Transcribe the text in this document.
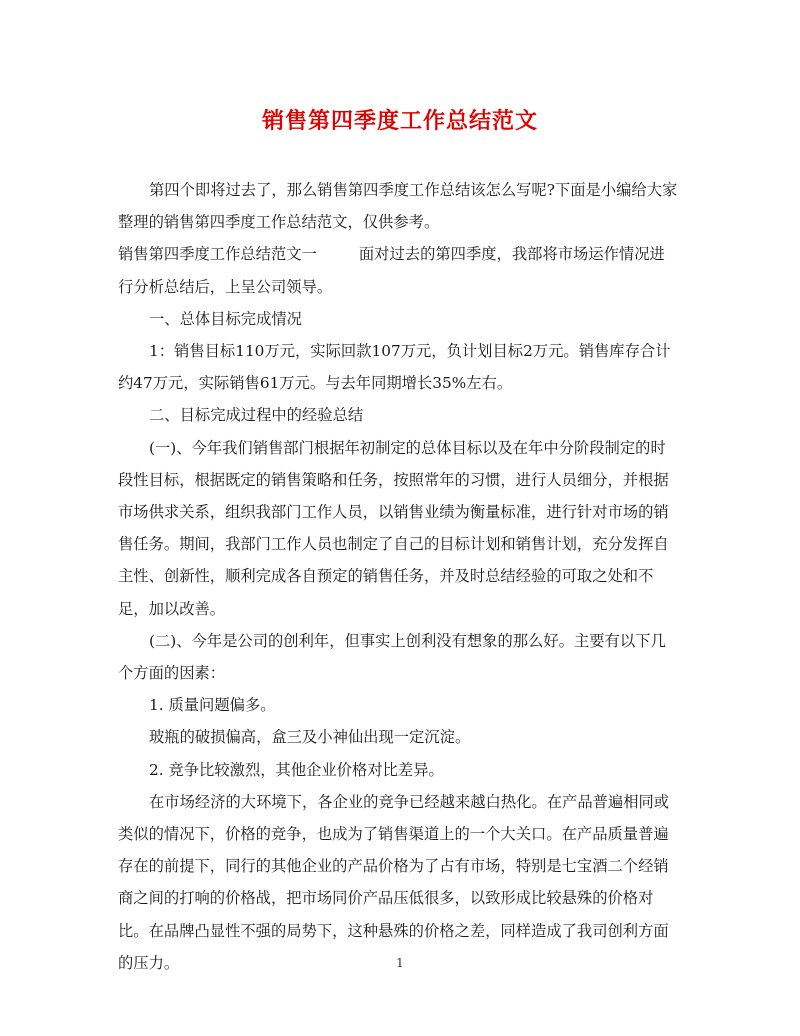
销售第四季度工作总结范文

第四个即将过去了，那么销售第四季度工作总结该怎么写呢?下面是小编给大家整理的销售第四季度工作总结范文，仅供参考。

销售第四季度工作总结范文一	面对过去的第四季度，我部将市场运作情况进行分析总结后，上呈公司领导。

一、总体目标完成情况

1：销售目标110万元，实际回款107万元，负计划目标2万元。销售库存合计约47万元，实际销售61万元。与去年同期增长35%左右。

二、目标完成过程中的经验总结

(一)、今年我们销售部门根据年初制定的总体目标以及在年中分阶段制定的时段性目标，根据既定的销售策略和任务，按照常年的习惯，进行人员细分，并根据市场供求关系，组织我部门工作人员，以销售业绩为衡量标准，进行针对市场的销售任务。期间，我部门工作人员也制定了自己的目标计划和销售计划，充分发挥自主性、创新性，顺利完成各自预定的销售任务，并及时总结经验的可取之处和不足，加以改善。

(二)、今年是公司的创利年，但事实上创利没有想象的那么好。主要有以下几个方面的因素：

1. 质量问题偏多。

玻瓶的破损偏高，盒三及小神仙出现一定沉淀。

2. 竞争比较激烈，其他企业价格对比差异。

在市场经济的大环境下，各企业的竞争已经越来越白热化。在产品普遍相同或类似的情况下，价格的竞争，也成为了销售渠道上的一个大关口。在产品质量普遍存在的前提下，同行的其他企业的产品价格为了占有市场，特别是七宝酒二个经销商之间的打响的价格战，把市场同价产品压低很多，以致形成比较悬殊的价格对比。在品牌凸显性不强的局势下，这种悬殊的价格之差，同样造成了我司创利方面的压力。	1
